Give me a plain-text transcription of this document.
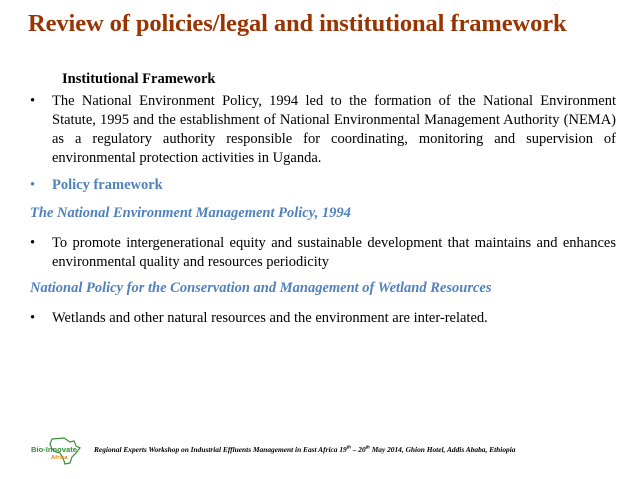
Review of policies/legal and institutional framework
Institutional Framework
•	The National Environment Policy, 1994 led to the formation of the National Environment Statute, 1995 and the establishment of National Environmental Management Authority (NEMA) as a regulatory authority responsible for coordinating, monitoring and supervision of environmental protection activities in Uganda.
•	Policy framework
The National Environment Management Policy, 1994
•	To promote intergenerational equity and sustainable development that maintains and enhances environmental quality and resources periodicity
National Policy for the Conservation and Management of Wetland Resources
•	Wetlands and other natural resources and the environment are inter-related.
Bio-Innovate
Africa
Regional Experts Workshop on Industrial Effluents Management in East Africa 19th – 20th May 2014, Ghion Hotel, Addis Ababa, Ethiopia
